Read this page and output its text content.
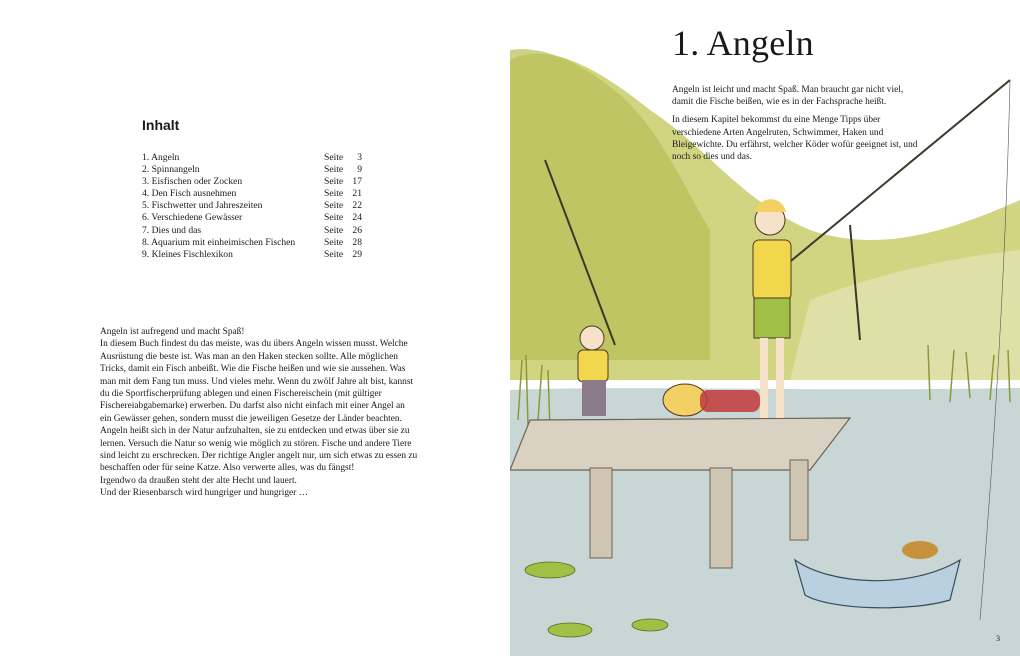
Inhalt
1. Angeln	Seite	3
2. Spinnangeln	Seite	9
3. Eisfischen oder Zocken	Seite 17
4. Den Fisch ausnehmen	Seite 21
5. Fischwetter und Jahreszeiten	Seite 22
6. Verschiedene Gewässer	Seite 24
7. Dies und das	Seite 26
8. Aquarium mit einheimischen Fischen	Seite 28
9. Kleines Fischlexikon	Seite 29

Angeln ist aufregend und macht Spaß!

In diesem Buch findest du das meiste, was du übers Angeln wissen musst. Welche Ausrüstung die beste ist. Was man an den Haken stecken sollte. Alle möglichen Tricks, damit ein Fisch anbeißt. Wie die Fische heißen und wie sie aussehen. Was man mit dem Fang tun muss. Und vieles mehr. Wenn du zwölf Jahre alt bist, kannst du die Sportfischerprüfung ablegen und einen Fischereischein (mit gültiger Fischereiabgabemarke) erwerben. Du darfst also nicht einfach mit einer Angel an ein Gewässer gehen, sondern musst die jeweiligen Gesetze der Länder beachten.

Angeln heißt sich in der Natur aufzuhalten, sie zu entdecken und etwas über sie zu lernen. Versuch die Natur so wenig wie möglich zu stören. Fische und andere Tiere sind leicht zu erschrecken. Der richtige Angler angelt nur, um sich etwas zu essen zu beschaffen oder für seine Katze. Also verwerte alles, was du fängst!

Irgendwo da draußen steht der alte Hecht und lauert.

Und der Riesenbarsch wird hungriger und hungriger …

1. Angeln

Angeln ist leicht und macht Spaß. Man braucht gar nicht viel, damit die Fische beißen, wie es in der Fachsprache heißt.

In diesem Kapitel bekommst du eine Menge Tipps über verschiedene Arten Angelruten, Schwimmer, Haken und Bleigewichte. Du erfährst, welcher Köder wofür geeignet ist, und noch so dies und das.

3
